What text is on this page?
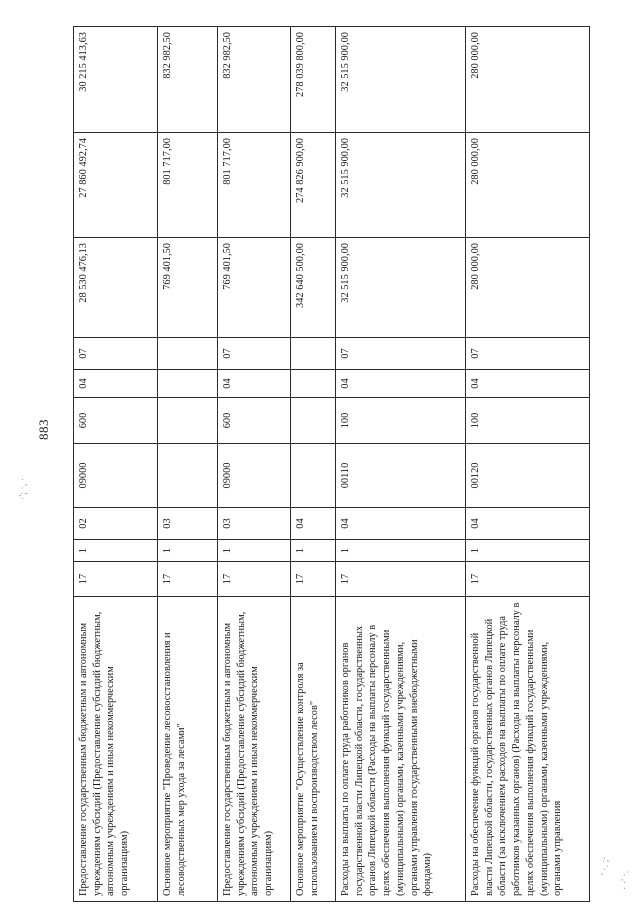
883
·'; ·, ·
' ·. ;·
· ·' ·.
Предоставление государственным бюджетным и автономным учреждениям субсидий (Предоставление субсидий бюджетным, автономным учреждениям и иным некоммерческим организациям)	17	1	02	09000	600	04	07	28 530 476,13	27 860 492,74	30 215 413,63
Основное мероприятие "Проведение лесовосстановления и лесоводственных мер ухода за лесами"	17	1	03					769 401,50	801 717,00	832 982,50
Предоставление государственным бюджетным и автономным учреждениям субсидий (Предоставление субсидий бюджетным, автономным учреждениям и иным некоммерческим организациям)	17	1	03	09000	600	04	07	769 401,50	801 717,00	832 982,50
Основное мероприятие "Осуществление контроля за использованием и воспроизводством лесов"	17	1	04					342 640 500,00	274 826 900,00	278 039 800,00
Расходы на выплаты по оплате труда работников органов государственной власти Липецкой области, государственных органов Липецкой области (Расходы на выплаты персоналу в целях обеспечения выполнения функций государственными (муниципальными) органами, казенными учреждениями, органами управления государственными внебюджетными фондами)	17	1	04	00110	100	04	07	32 515 900,00	32 515 900,00	32 515 900,00
Расходы на обеспечение функций органов государственной власти Липецкой области, государственных органов Липецкой области (за исключением расходов на выплаты по оплате труда работников указанных органов) (Расходы на выплаты персоналу в целях обеспечения выполнения функций государственными (муниципальными) органами, казенными учреждениями, органами управления	17	1	04	00120	100	04	07	280 000,00	280 000,00	280 000,00
